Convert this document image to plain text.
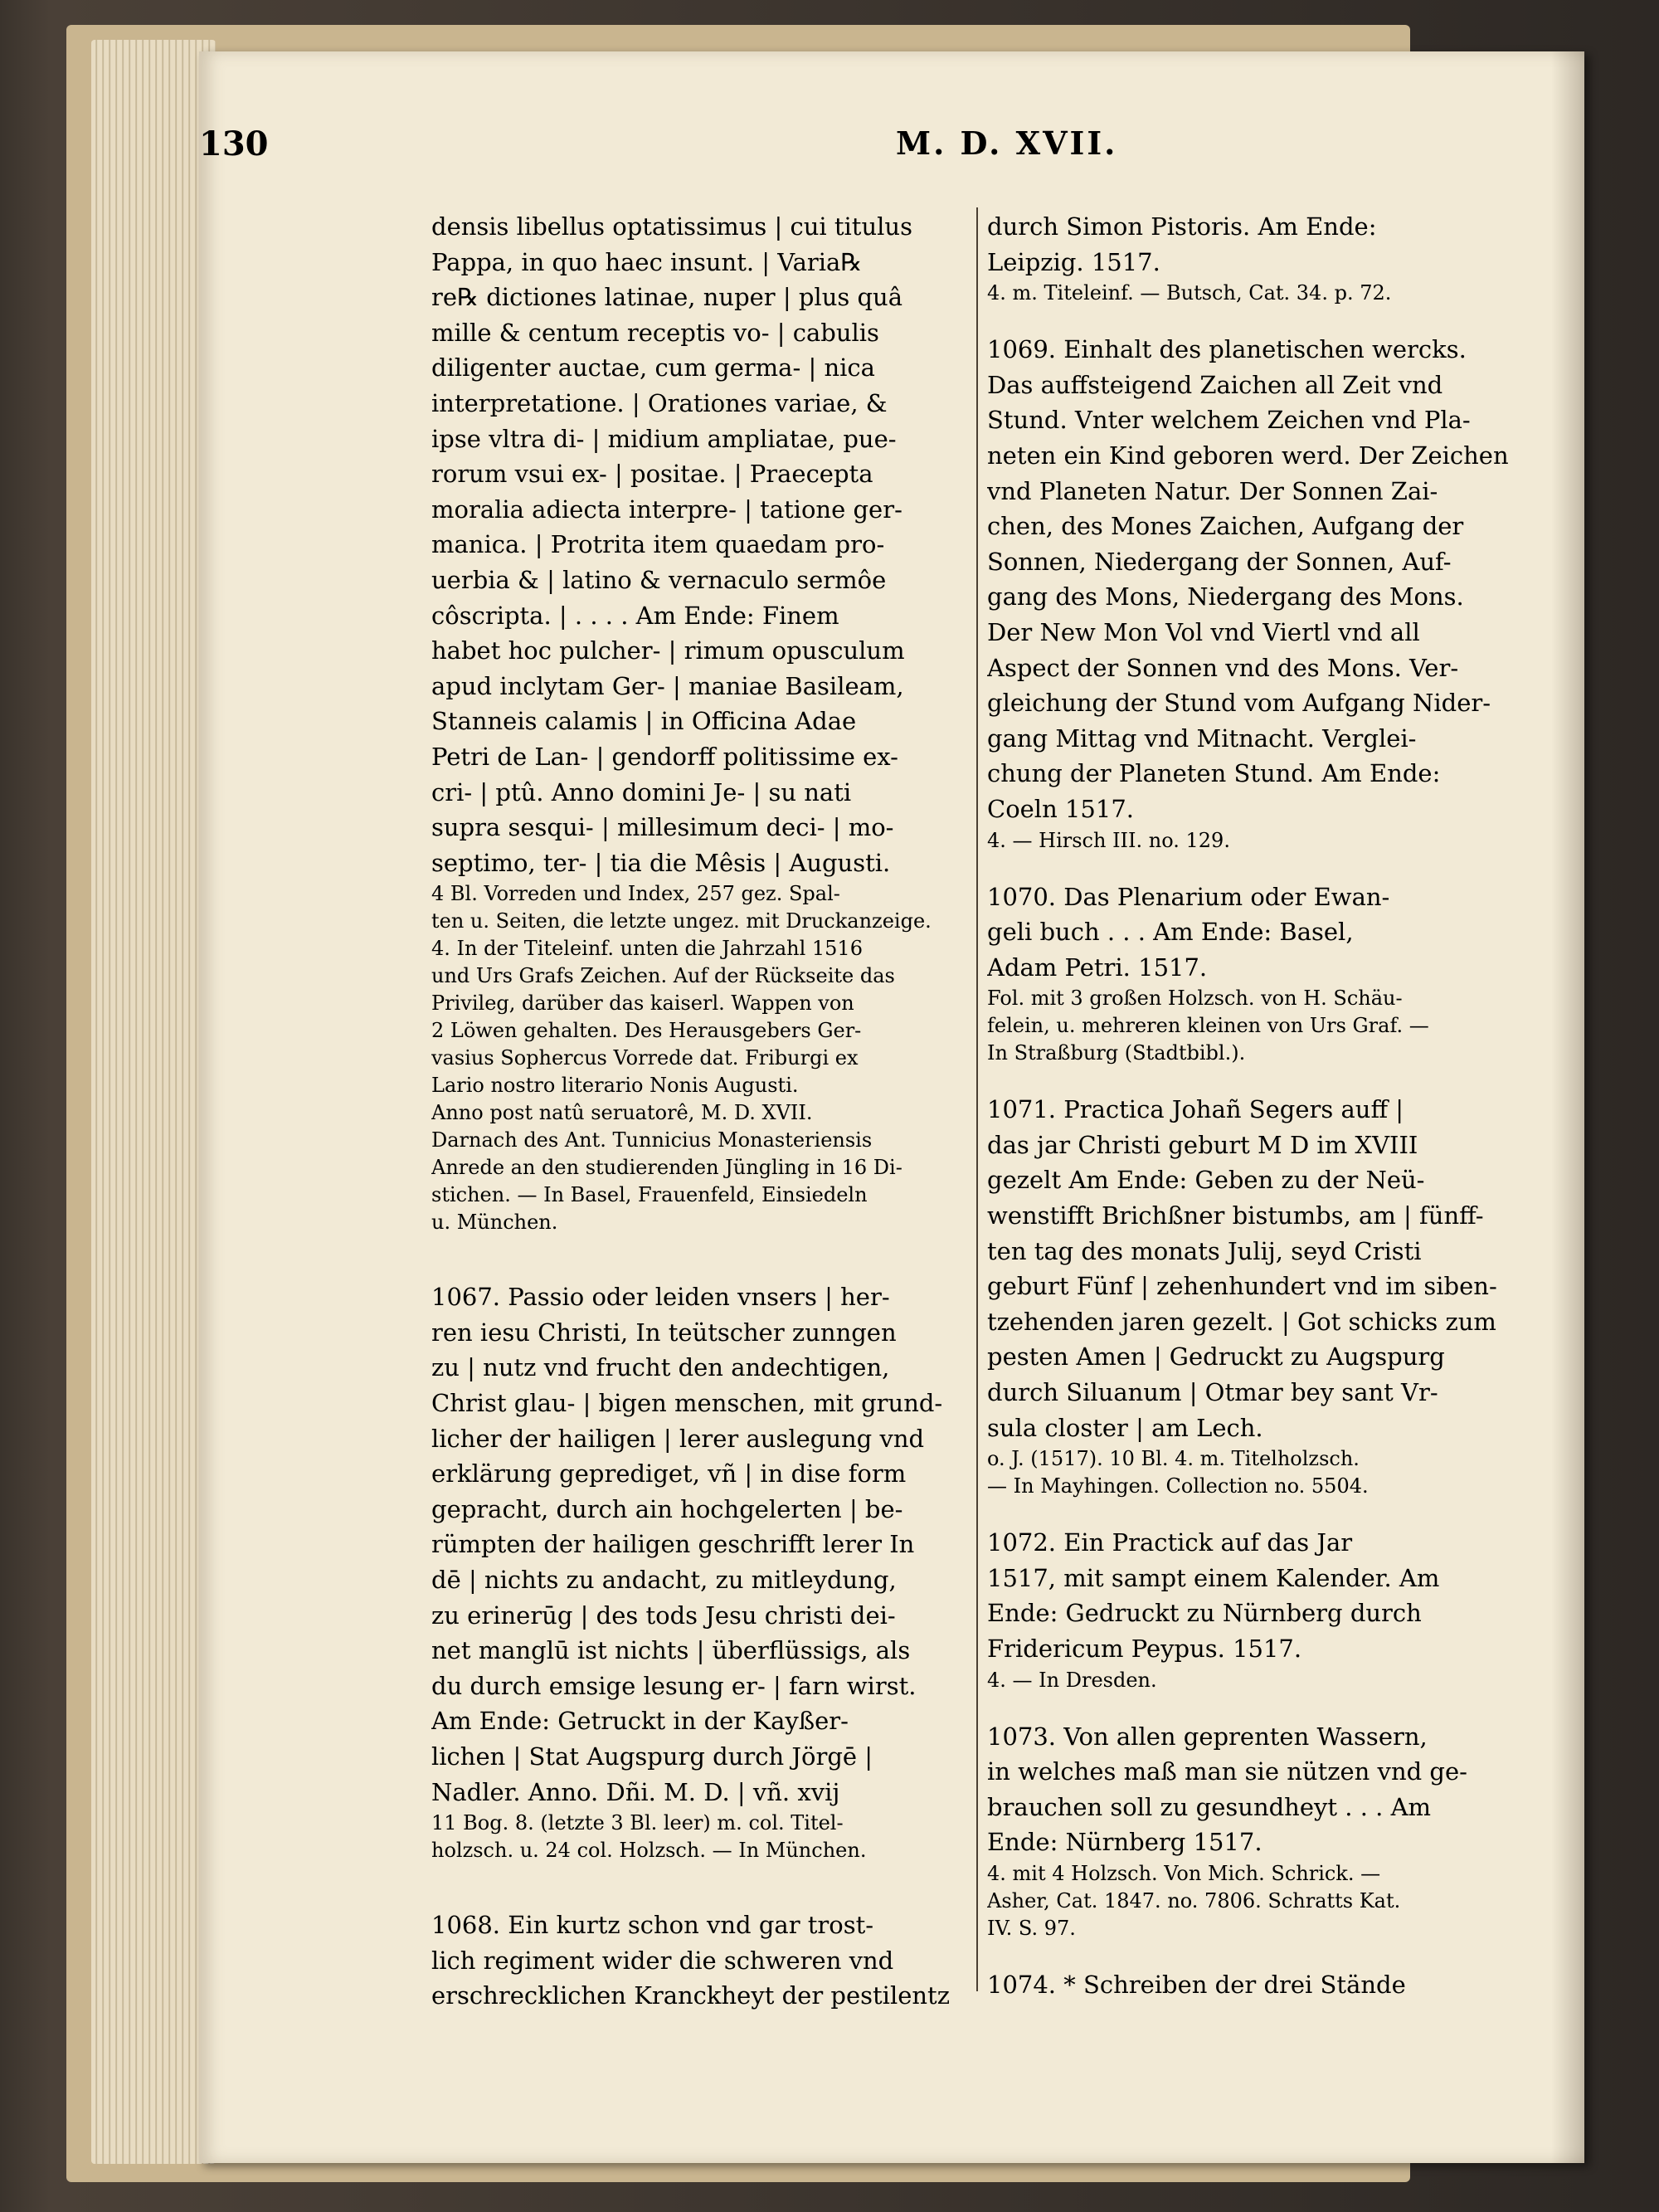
130	M. D. XVII.
densis libellus optatissimus | cui titulus
Pappa, in quo haec insunt. | Varia℞
re℞ dictiones latinae, nuper | plus quâ
mille & centum receptis vo- | cabulis
diligenter auctae, cum germa- | nica
interpretatione. | Orationes variae, &
ipse vltra di- | midium ampliatae, pue-
rorum vsui ex- | positae. | Praecepta
moralia adiecta interpre- | tatione ger-
manica. | Protrita item quaedam pro-
uerbia & | latino & vernaculo sermôe
côscripta. | . . . . Am Ende: Finem
habet hoc pulcher- | rimum opusculum
apud inclytam Ger- | maniae Basileam,
Stanneis calamis | in Officina Adae
Petri de Lan- | gendorff politissime ex-
cri- | ptû. Anno domini Je- | su nati
supra sesqui- | millesimum deci- | mo-
septimo, ter- | tia die Mêsis | Augusti.
4 Bl. Vorreden und Index, 257 gez. Spal-
ten u. Seiten, die letzte ungez. mit Druckanzeige.
4. In der Titeleinf. unten die Jahrzahl 1516
und Urs Grafs Zeichen. Auf der Rückseite das
Privileg, darüber das kaiserl. Wappen von
2 Löwen gehalten. Des Herausgebers Ger-
vasius Sophercus Vorrede dat. Friburgi ex
Lario nostro literario Nonis Augusti.
Anno post natû seruatorê, M. D. XVII.
Darnach des Ant. Tunnicius Monasteriensis
Anrede an den studierenden Jüngling in 16 Di-
stichen. — In Basel, Frauenfeld, Einsiedeln
u. München.
1067. Passio oder leiden vnsers | her-
ren iesu Christi, In teütscher zunngen
zu | nutz vnd frucht den andechtigen,
Christ glau- | bigen menschen, mit grund-
licher der hailigen | lerer auslegung vnd
erklärung geprediget, vñ | in dise form
gepracht, durch ain hochgelerten | be-
rümpten der hailigen geschrifft lerer In
dē | nichts zu andacht, zu mitleydung,
zu erinerūg | des tods Jesu christi dei-
net manglū ist nichts | überflüssigs, als
du durch emsige lesung er- | farn wirst.
Am Ende: Getruckt in der Kayßer-
lichen | Stat Augspurg durch Jörgē |
Nadler. Anno. Dñi. M. D. | vñ. xvij
11 Bog. 8. (letzte 3 Bl. leer) m. col. Titel-
holzsch. u. 24 col. Holzsch. — In München.
1068. Ein kurtz schon vnd gar trost-
lich regiment wider die schweren vnd
erschrecklichen Kranckheyt der pestilentz
durch Simon Pistoris. Am Ende:
Leipzig. 1517.
4. m. Titeleinf. — Butsch, Cat. 34. p. 72.
1069. Einhalt des planetischen wercks.
Das auffsteigend Zaichen all Zeit vnd
Stund. Vnter welchem Zeichen vnd Pla-
neten ein Kind geboren werd. Der Zeichen
vnd Planeten Natur. Der Sonnen Zai-
chen, des Mones Zaichen, Aufgang der
Sonnen, Niedergang der Sonnen, Auf-
gang des Mons, Niedergang des Mons.
Der New Mon Vol vnd Viertl vnd all
Aspect der Sonnen vnd des Mons. Ver-
gleichung der Stund vom Aufgang Nider-
gang Mittag vnd Mitnacht. Verglei-
chung der Planeten Stund. Am Ende:
Coeln 1517.
4. — Hirsch III. no. 129.
1070. Das Plenarium oder Ewan-
geli buch . . . Am Ende: Basel,
Adam Petri. 1517.
Fol. mit 3 großen Holzsch. von H. Schäu-
felein, u. mehreren kleinen von Urs Graf. —
In Straßburg (Stadtbibl.).
1071. Practica Johañ Segers auff |
das jar Christi geburt M D im XVIII
gezelt Am Ende: Geben zu der Neü-
wenstifft Brichßner bistumbs, am | fünff-
ten tag des monats Julij, seyd Cristi
geburt Fünf | zehenhundert vnd im siben-
tzehenden jaren gezelt. | Got schicks zum
pesten Amen | Gedruckt zu Augspurg
durch Siluanum | Otmar bey sant Vr-
sula closter | am Lech.
o. J. (1517). 10 Bl. 4. m. Titelholzsch.
— In Mayhingen. Collection no. 5504.
1072. Ein Practick auf das Jar
1517, mit sampt einem Kalender. Am
Ende: Gedruckt zu Nürnberg durch
Fridericum Peypus. 1517.
4. — In Dresden.
1073. Von allen geprenten Wassern,
in welches maß man sie nützen vnd ge-
brauchen soll zu gesundheyt . . . Am
Ende: Nürnberg 1517.
4. mit 4 Holzsch. Von Mich. Schrick. —
Asher, Cat. 1847. no. 7806. Schratts Kat.
IV. S. 97.
1074. * Schreiben der drei Stände
